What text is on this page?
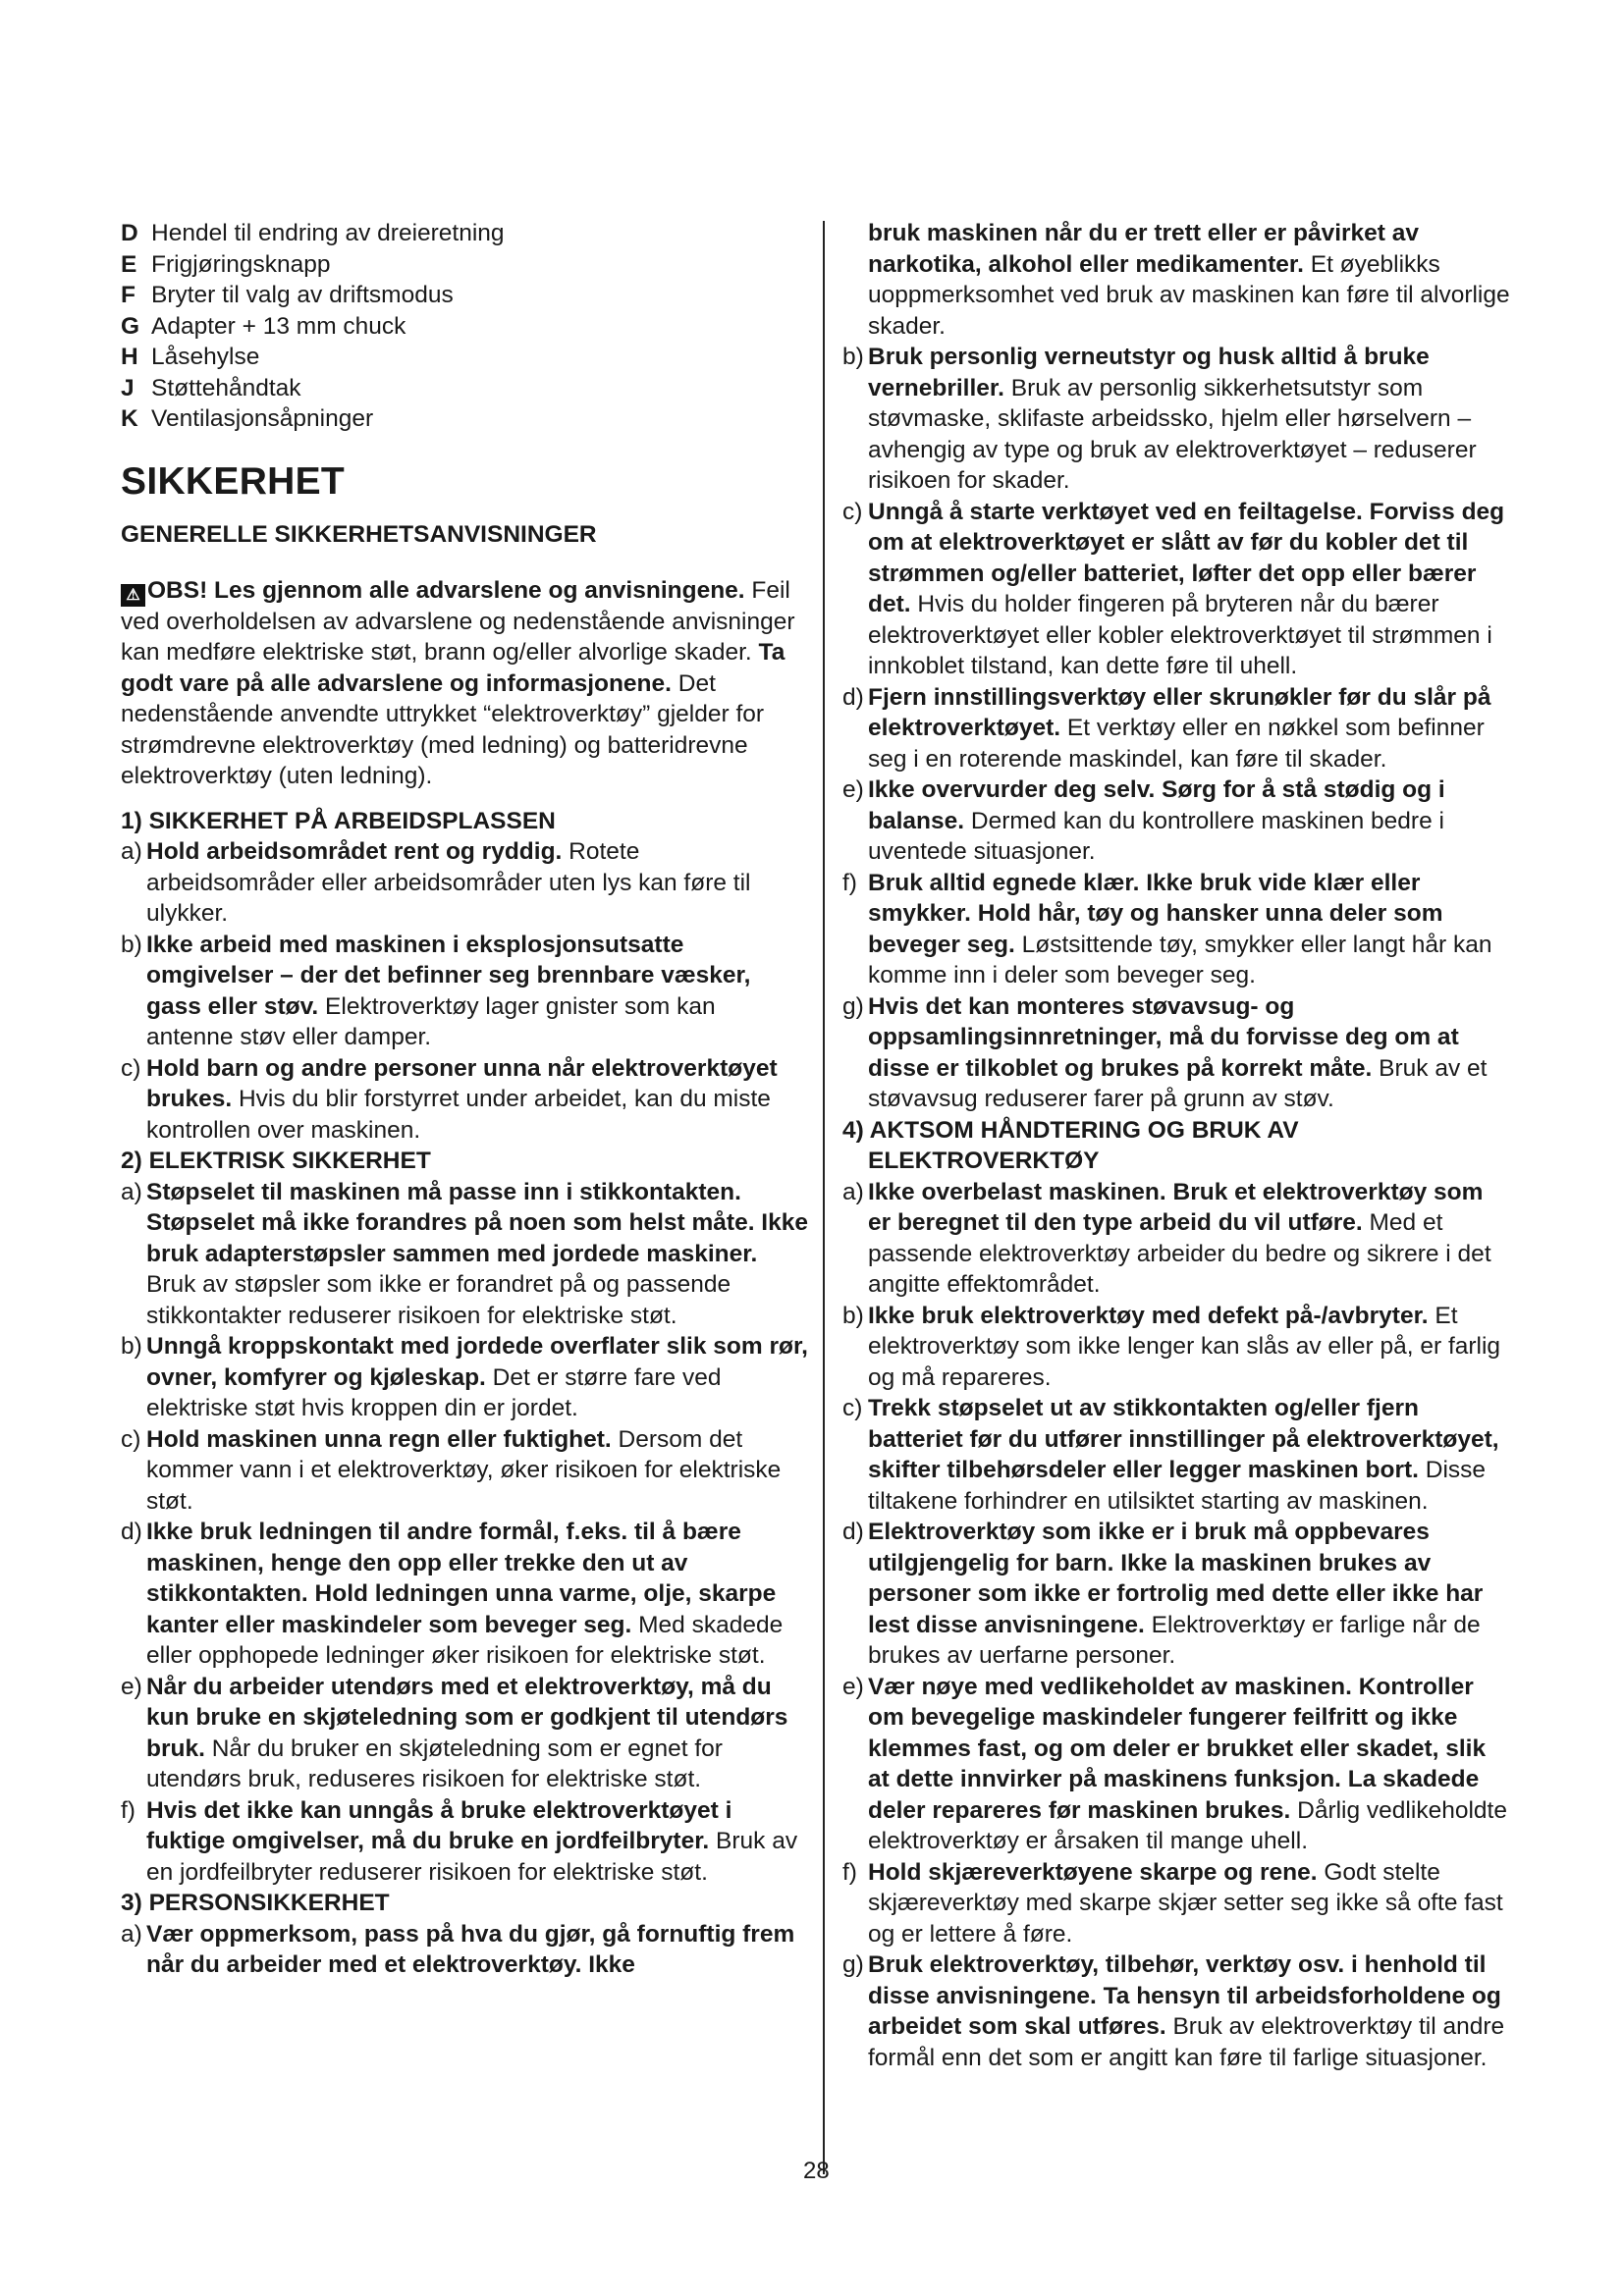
D Hendel til endring av dreieretning

E Frigjøringsknapp

F Bryter til valg av driftsmodus

G Adapter + 13 mm chuck

H Låsehylse

J Støttehåndtak

K Ventilasjonsåpninger

SIKKERHET
GENERELLE SIKKERHETSANVISNINGER

⚠ OBS! Les gjennom alle advarslene og anvisningene. Feil ved overholdelsen av advarslene og nedenstående anvisninger kan medføre elektriske støt, brann og/eller alvorlige skader. Ta godt vare på alle advarslene og informasjonene. Det nedenstående anvendte uttrykket “elektroverktøy” gjelder for strømdrevne elektroverktøy (med ledning) og batteridrevne elektroverktøy (uten ledning).

1) SIKKERHET PÅ ARBEIDSPLASSEN
a) Hold arbeidsområdet rent og ryddig. Rotete arbeidsområder eller arbeidsområder uten lys kan føre til ulykker.
b) Ikke arbeid med maskinen i eksplosjonsutsatte omgivelser – der det befinner seg brennbare væsker, gass eller støv. Elektroverktøy lager gnister som kan antenne støv eller damper.
c) Hold barn og andre personer unna når elektroverktøyet brukes. Hvis du blir forstyrret under arbeidet, kan du miste kontrollen over maskinen.
2) ELEKTRISK SIKKERHET
a) Støpselet til maskinen må passe inn i stikkontakten. Støpselet må ikke forandres på noen som helst måte. Ikke bruk adapterstøpsler sammen med jordede maskiner. Bruk av støpsler som ikke er forandret på og passende stikkontakter reduserer risikoen for elektriske støt.
b) Unngå kroppskontakt med jordede overflater slik som rør, ovner, komfyrer og kjøleskap. Det er større fare ved elektriske støt hvis kroppen din er jordet.
c) Hold maskinen unna regn eller fuktighet. Dersom det kommer vann i et elektroverktøy, øker risikoen for elektriske støt.
d) Ikke bruk ledningen til andre formål, f.eks. til å bære maskinen, henge den opp eller trekke den ut av stikkontakten. Hold ledningen unna varme, olje, skarpe kanter eller maskindeler som beveger seg. Med skadede eller opphopede ledninger øker risikoen for elektriske støt.
e) Når du arbeider utendørs med et elektroverktøy, må du kun bruke en skjøteledning som er godkjent til utendørs bruk. Når du bruker en skjøteledning som er egnet for utendørs bruk, reduseres risikoen for elektriske støt.
f) Hvis det ikke kan unngås å bruke elektroverktøyet i fuktige omgivelser, må du bruke en jordfeilbryter. Bruk av en jordfeilbryter reduserer risikoen for elektriske støt.
3) PERSONSIKKERHET
a) Vær oppmerksom, pass på hva du gjør, gå fornuftig frem når du arbeider med et elektroverktøy. Ikke
bruk maskinen når du er trett eller er påvirket av narkotika, alkohol eller medikamenter. Et øyeblikks uoppmerksomhet ved bruk av maskinen kan føre til alvorlige skader.
b) Bruk personlig verneutstyr og husk alltid å bruke vernebriller. Bruk av personlig sikkerhetsutstyr som støvmaske, sklifaste arbeidssko, hjelm eller hørselvern – avhengig av type og bruk av elektroverktøyet – reduserer risikoen for skader.
c) Unngå å starte verktøyet ved en feiltagelse. Forviss deg om at elektroverktøyet er slått av før du kobler det til strømmen og/eller batteriet, løfter det opp eller bærer det. Hvis du holder fingeren på bryteren når du bærer elektroverktøyet eller kobler elektroverktøyet til strømmen i innkoblet tilstand, kan dette føre til uhell.
d) Fjern innstillingsverktøy eller skrunøkler før du slår på elektroverktøyet. Et verktøy eller en nøkkel som befinner seg i en roterende maskindel, kan føre til skader.
e) Ikke overvurder deg selv. Sørg for å stå stødig og i balanse. Dermed kan du kontrollere maskinen bedre i uventede situasjoner.
f) Bruk alltid egnede klær. Ikke bruk vide klær eller smykker. Hold hår, tøy og hansker unna deler som beveger seg. Løstsittende tøy, smykker eller langt hår kan komme inn i deler som beveger seg.
g) Hvis det kan monteres støvavsug- og oppsamlingsinnretninger, må du forvisse deg om at disse er tilkoblet og brukes på korrekt måte. Bruk av et støvavsug reduserer farer på grunn av støv.
4) AKTSOM HÅNDTERING OG BRUK AV ELEKTROVERKTØY
a) Ikke overbelast maskinen. Bruk et elektroverktøy som er beregnet til den type arbeid du vil utføre. Med et passende elektroverktøy arbeider du bedre og sikrere i det angitte effektområdet.
b) Ikke bruk elektroverktøy med defekt på-/avbryter. Et elektroverktøy som ikke lenger kan slås av eller på, er farlig og må repareres.
c) Trekk støpselet ut av stikkontakten og/eller fjern batteriet før du utfører innstillinger på elektroverktøyet, skifter tilbehørsdeler eller legger maskinen bort. Disse tiltakene forhindrer en utilsiktet starting av maskinen.
d) Elektroverktøy som ikke er i bruk må oppbevares utilgjengelig for barn. Ikke la maskinen brukes av personer som ikke er fortrolig med dette eller ikke har lest disse anvisningene. Elektroverktøy er farlige når de brukes av uerfarne personer.
e) Vær nøye med vedlikeholdet av maskinen. Kontroller om bevegelige maskindeler fungerer feilfritt og ikke klemmes fast, og om deler er brukket eller skadet, slik at dette innvirker på maskinens funksjon. La skadede deler repareres før maskinen brukes. Dårlig vedlikeholdte elektroverktøy er årsaken til mange uhell.
f) Hold skjæreverktøyene skarpe og rene. Godt stelte skjæreverktøy med skarpe skjær setter seg ikke så ofte fast og er lettere å føre.
g) Bruk elektroverktøy, tilbehør, verktøy osv. i henhold til disse anvisningene. Ta hensyn til arbeidsforholdene og arbeidet som skal utføres. Bruk av elektroverktøy til andre formål enn det som er angitt kan føre til farlige situasjoner.
28
